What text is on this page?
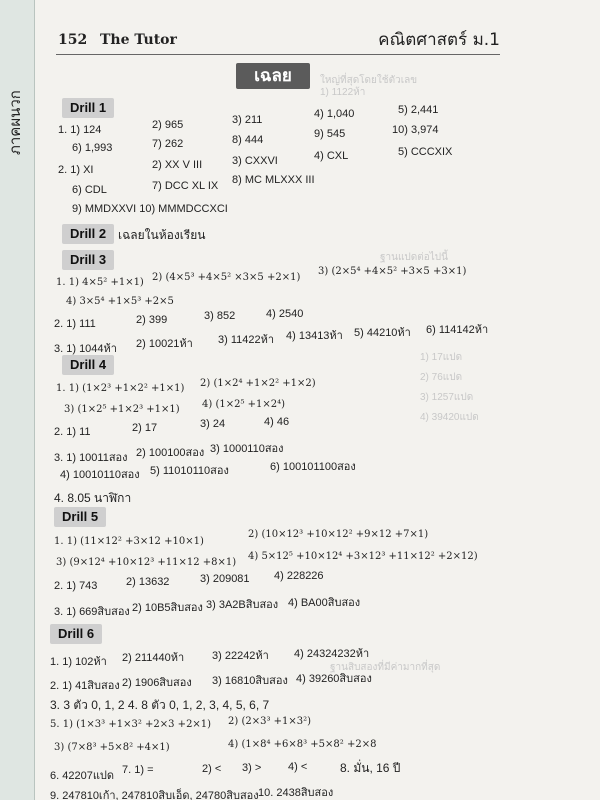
ภาคผนวก
152 The Tutor	คณิตศาสตร์ ม.1
ใหญ่ที่สุดโดยใช้ตัวเลข
1) 1122ห้า
ฐานแปดต่อไปนี้
1) 17แปด
2) 76แปด
3) 1257แปด
4) 39420แปด
ฐานสิบสองที่มีค่ามากที่สุด
เฉลย
Drill 1
1. 1) 124	2) 965	3) 211	4) 1,040	5) 2,441
6) 1,993	7) 262	8) 444	9) 545	10) 3,974
2. 1) XI	2) XX V III	3) CXXVI	4) CXL	5) CCCXIX
6) CDL	7) DCC XL IX 8) MC MLXXX III
9) MMDXXVI 10) MMMDCCXCI
Drill 2 เฉลยในห้องเรียน
Drill 3
1. 1) 4×5² +1×1) 2) (4×5³ +4×5² ×3×5 +2×1)
3) (2×5⁴ +4×5² +3×5 +3×1)
4) 3×5⁴ +1×5³ +2×5
2. 1) 111	2) 399	3) 852	4) 2540
3. 1) 1044ห้า 2) 10021ห้า 3) 11422ห้า 4) 13413ห้า 5) 44210ห้า 6) 114142ห้า
Drill 4
1. 1) (1×2³ +1×2² +1×1) 2) (1×2⁴ +1×2² +1×2)
3) (1×2⁵ +1×2³ +1×1) 4) (1×2⁵ +1×2⁴)
2. 1) 11	2) 17	3) 24	4) 46
3. 1) 10011สอง 2) 100100สอง 3) 1000110สอง
4) 10010110สอง 5) 11010110สอง	6) 100101100สอง
4. 8.05 นาฬิกา
Drill 5
1. 1) (11×12² +3×12 +10×1)
2) (10×12³ +10×12² +9×12 +7×1)
3) (9×12⁴ +10×12³ +11×12 +8×1)
4) 5×12⁵ +10×12⁴ +3×12³ +11×12² +2×12)
2. 1) 743	2) 13632	3) 209081 4) 228226
3. 1) 669สิบสอง 2) 10B5สิบสอง 3) 3A2Bสิบสอง 4) BA00สิบสอง
Drill 6
1. 1) 102ห้า 2) 211440ห้า	3) 22242ห้า 4) 24324232ห้า
2. 1) 41สิบสอง 2) 1906สิบสอง 3) 16810สิบสอง 4) 39260สิบสอง
3. 3 ตัว 0, 1, 2 4. 8 ตัว 0, 1, 2, 3, 4, 5, 6, 7
5. 1) (1×3³ +1×3² +2×3 +2×1) 2) (2×3³ +1×3²)
3) (7×8³ +5×8² +4×1)	4) (1×8⁴ +6×8³ +5×8² +2×8
6. 42207แปด 7. 1) =	2) < 3) > 4) <	8. มั่น, 16 ปี
9. 247810เก้า, 247810สิบเอ็ด, 24780สิบสอง 10. 2438สิบสอง
